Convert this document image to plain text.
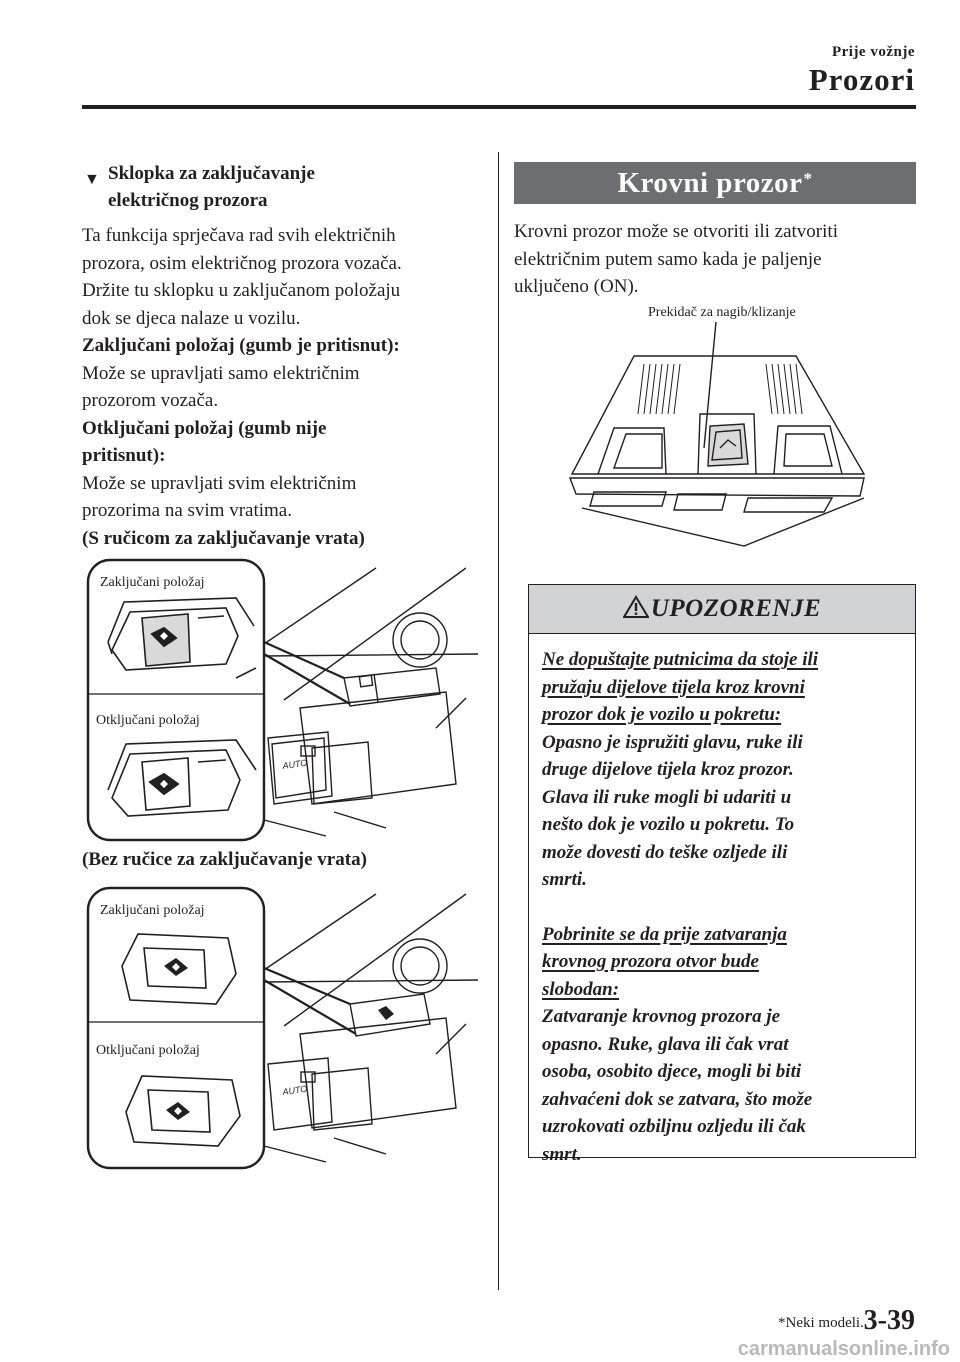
Prije vožnje
Prozori
▼ Sklopka za zaključavanje
električnog prozora
Ta funkcija sprječava rad svih električnih
prozora, osim električnog prozora vozača.
Držite tu sklopku u zaključanom položaju
dok se djeca nalaze u vozilu.
Zaključani položaj (gumb je pritisnut):
Može se upravljati samo električnim
prozorom vozača.
Otključani položaj (gumb nije
pritisnut):
Može se upravljati svim električnim
prozorima na svim vratima.
(S ručicom za zaključavanje vrata)
AUTO
Zaključani položaj
Otključani položaj
(Bez ručice za zaključavanje vrata)
AUTO
Zaključani položaj
Otključani položaj
Krovni prozor*
Krovni prozor može se otvoriti ili zatvoriti
električnim putem samo kada je paljenje
uključeno (ON).
Prekidač za nagib/klizanje
UPOZORENJE
Ne dopuštajte putnicima da stoje ili
pružaju dijelove tijela kroz krovni
prozor dok je vozilo u pokretu:
Opasno je ispružiti glavu, ruke ili
druge dijelove tijela kroz prozor.
Glava ili ruke mogli bi udariti u
nešto dok je vozilo u pokretu. To
može dovesti do teške ozljede ili
smrti.
Pobrinite se da prije zatvaranja
krovnog prozora otvor bude
slobodan:
Zatvaranje krovnog prozora je
opasno. Ruke, glava ili čak vrat
osoba, osobito djece, mogli bi biti
zahvaćeni dok se zatvara, što može
uzrokovati ozbiljnu ozljedu ili čak
smrt.
*Neki modeli. 3-39
carmanualsonline.info
